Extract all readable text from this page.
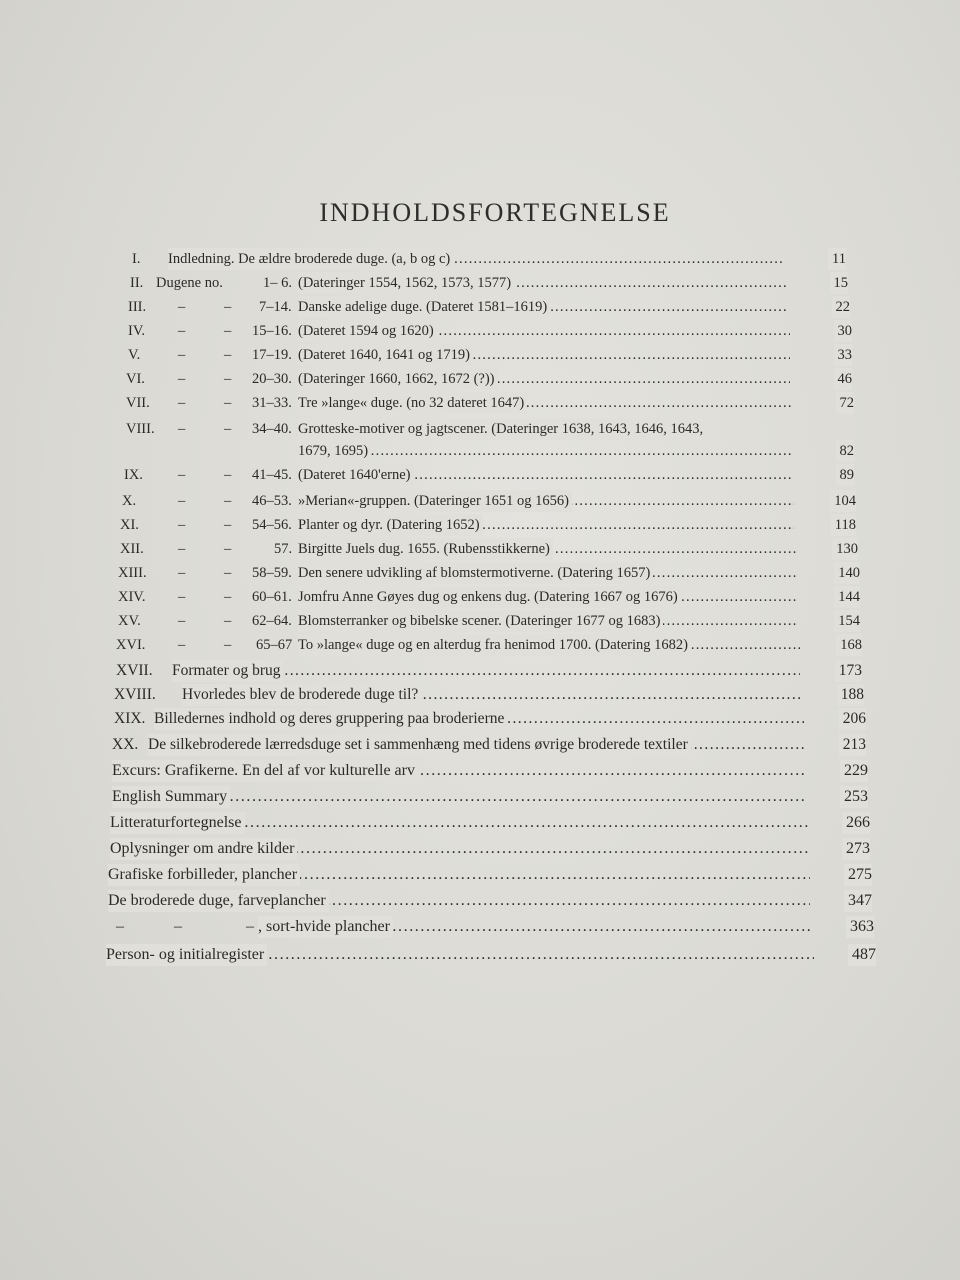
INDHOLDSFORTEGNELSE
. . .
I. Indledning. De ældre broderede duge. (a, b og c)	11
. . .
II. Dugene no.	1– 6. (Dateringer 1554, 1562, 1573, 1577)	15
. . .
III. –	– 7–14. Danske adelige duge. (Dateret 1581–1619)	22
. . .
IV. –	– 15–16. (Dateret 1594 og 1620)	30
. . .
V.	–	– 17–19. (Dateret 1640, 1641 og 1719)	33
. . .
VI. –	– 20–30. (Dateringer 1660, 1662, 1672 (?))	46
. . .
VII. –	– 31–33. Tre »lange« duge. (no 32 dateret 1647)	72
VIII. –	– 34–40. Grotteske-motiver og jagtscener. (Dateringer 1638, 1643, 1646, 1643,
. . .
1679, 1695)	82
. . .
IX. –	– 41–45. (Dateret 1640'erne)	89
. . .
X.	–	– 46–53. »Merian«-gruppen. (Dateringer 1651 og 1656)	104
. . .
XI.	–	– 54–56. Planter og dyr. (Datering 1652)	118
. . .
XII. –	–	57. Birgitte Juels dug. 1655. (Rubensstikkerne)	130
. . .
XIII. –	– 58–59. Den senere udvikling af blomstermotiverne. (Datering 1657)	140
. . .
XIV. –	– 60–61. Jomfru Anne Gøyes dug og enkens dug. (Datering 1667 og 1676)	144
. . .
XV.	–	– 62–64. Blomsterranker og bibelske scener. (Dateringer 1677 og 1683)	154
. . .
XVI. –	– 65–67 To »lange« duge og en alterdug fra henimod 1700. (Datering 1682)	168
. . .
XVII. Formater og brug	173
. . .
XVIII. Hvorledes blev de broderede duge til?	188
. . .
XIX. Billedernes indhold og deres gruppering paa broderierne	206
. . .
XX. De silkebroderede lærredsduge set i sammenhæng med tidens øvrige broderede textiler	213
. . .
Excurs: Grafikerne. En del af vor kulturelle arv	229
. . .
English Summary	253
. . .
Litteraturfortegnelse	266
. . .
Oplysninger om andre kilder	273
. . .
Grafiske forbilleder, plancher	275
. . .
De broderede duge, farveplancher	347
. . .
–	–	– , sort-hvide plancher	363
. . .
Person- og initialregister	487
